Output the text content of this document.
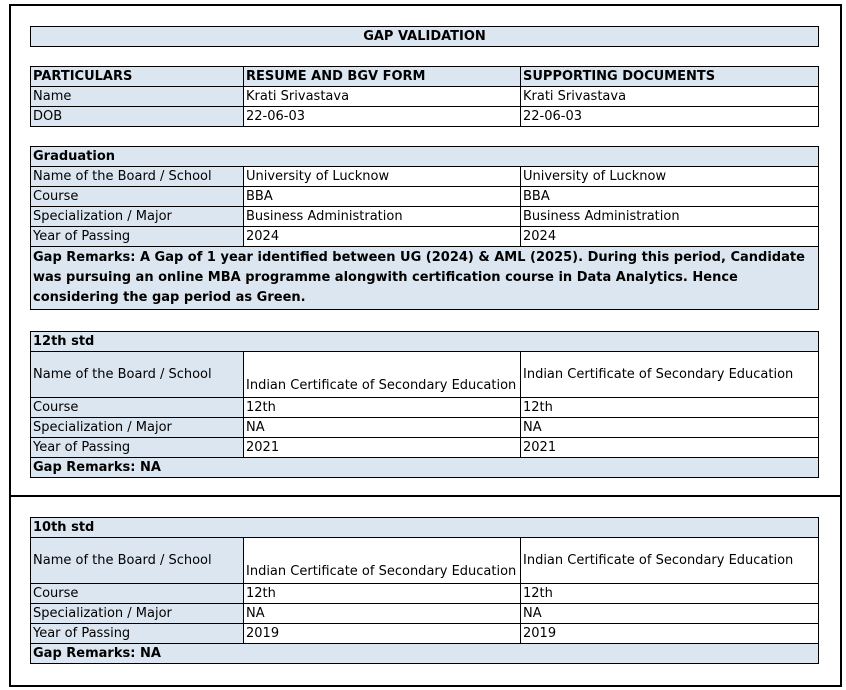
GAP VALIDATION
PARTICULARS	RESUME AND BGV FORM	SUPPORTING DOCUMENTS
Name	Krati Srivastava	Krati Srivastava
DOB	22-06-03	22-06-03
Graduation		
Name of the Board / School	University of Lucknow	University of Lucknow
Course	BBA	BBA
Specialization / Major	Business Administration	Business Administration
Year of Passing	2024	2024
Gap Remarks: A Gap of 1 year identified between UG (2024) & AML (2025). During this period, Candidate was pursuing an online MBA programme alongwith certification course in Data Analytics. Hence considering the gap period as Green.		
12th std		
Name of the Board / School	Indian Certificate of Secondary Education	Indian Certificate of Secondary Education
Course	12th	12th
Specialization / Major	NA	NA
Year of Passing	2021	2021
Gap Remarks: NA		
10th std		
Name of the Board / School	Indian Certificate of Secondary Education	Indian Certificate of Secondary Education
Course	12th	12th
Specialization / Major	NA	NA
Year of Passing	2019	2019
Gap Remarks: NA		
